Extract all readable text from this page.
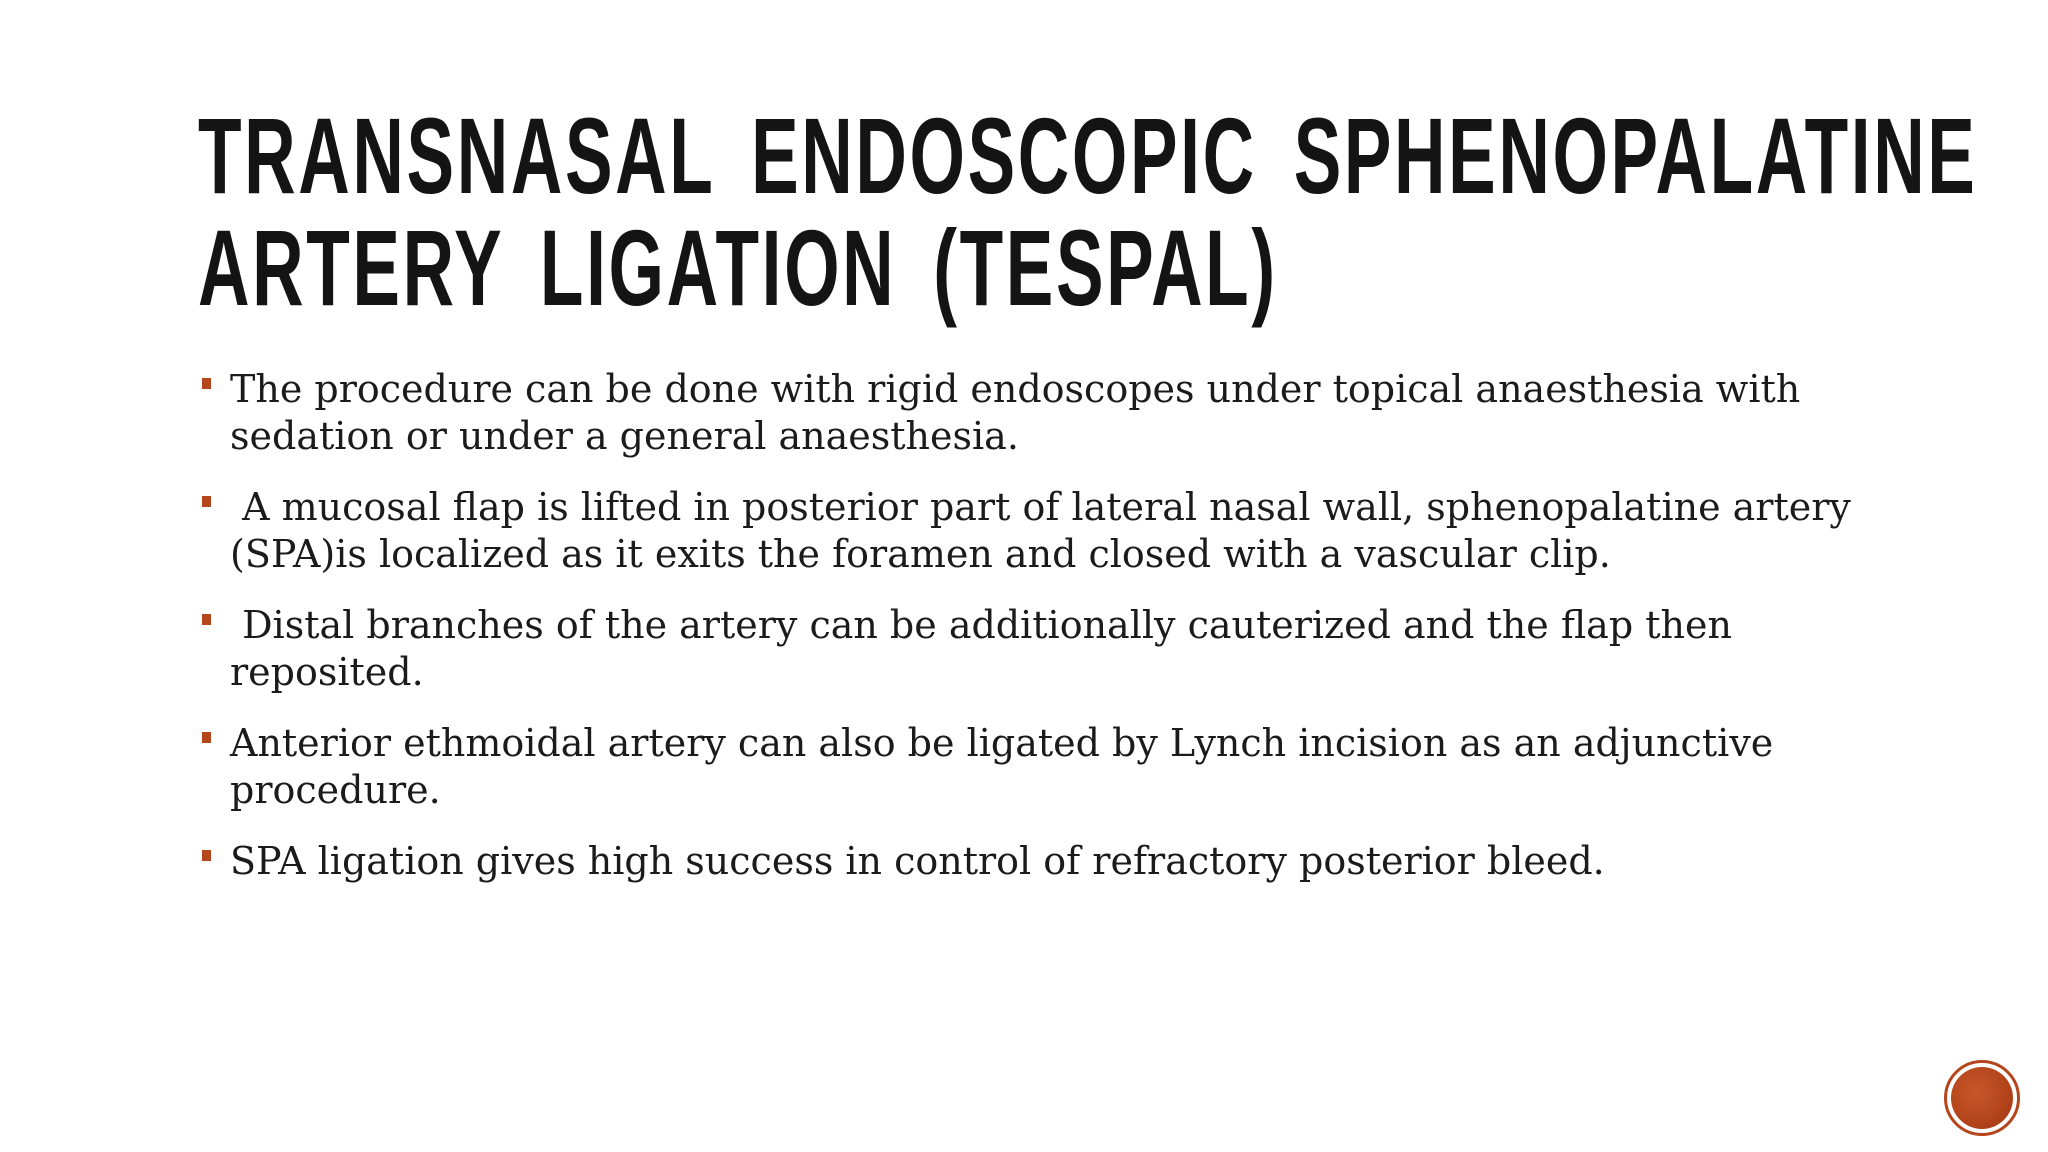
TRANSNASAL ENDOSCOPIC SPHENOPALATINE
ARTERY LIGATION (TESPAL)
The procedure can be done with rigid endoscopes under topical anaesthesia with sedation or under a general anaesthesia.
A mucosal flap is lifted in posterior part of lateral nasal wall, sphenopalatine artery (SPA)is localized as it exits the foramen and closed with a vascular clip.
Distal branches of the artery can be additionally cauterized and the flap then reposited.
Anterior ethmoidal artery can also be ligated by Lynch incision as an adjunctive procedure.
SPA ligation gives high success in control of refractory posterior bleed.
